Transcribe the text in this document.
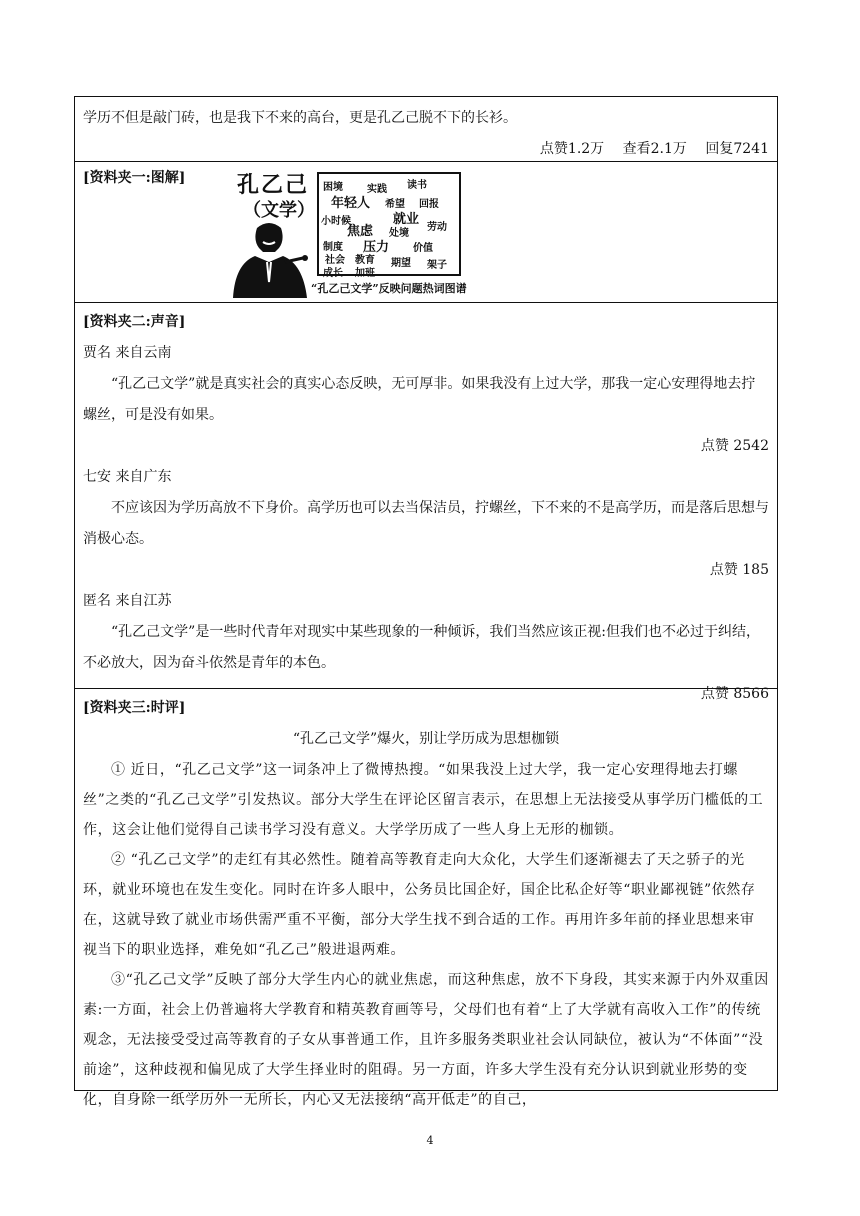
学历不但是敲门砖，也是我下不来的高台，更是孔乙己脱不下的长衫。
点赞1.2万 查看2.1万 回复7241
[资料夹一:图解] 孔乙己
（文学）
困境 实践 读书
年轻人 希望 回报
小时候
焦虑
就业
劳动
处境
制度 压力 价值
社会 教育
成长 加班
期望 架子
“孔乙己文学”反映问题热词图谱
[资料夹二:声音]
贾名 来自云南
“孔乙己文学”就是真实社会的真实心态反映，无可厚非。如果我没有上过大学，那我一定心安理得地去拧螺丝，可是没有如果。
点赞 2542
七安 来自广东
不应该因为学历高放不下身价。高学历也可以去当保洁员，拧螺丝，下不来的不是高学历，而是落后思想与消极心态。
点赞 185
匿名 来自江苏
“孔乙己文学”是一些时代青年对现实中某些现象的一种倾诉，我们当然应该正视:但我们也不必过于纠结，不必放大，因为奋斗依然是青年的本色。
点赞 8566
[资料夹三:时评]
“孔乙己文学”爆火，别让学历成为思想枷锁

① 近日，“孔乙己文学”这一词条冲上了微博热搜。“如果我没上过大学，我一定心安理得地去打螺丝”之类的“孔乙己文学”引发热议。部分大学生在评论区留言表示，在思想上无法接受从事学历门槛低的工作，这会让他们觉得自己读书学习没有意义。大学学历成了一些人身上无形的枷锁。

② “孔乙己文学”的走红有其必然性。随着高等教育走向大众化，大学生们逐渐褪去了天之骄子的光环，就业环境也在发生变化。同时在许多人眼中，公务员比国企好，国企比私企好等“职业鄙视链”依然存在，这就导致了就业市场供需严重不平衡，部分大学生找不到合适的工作。再用许多年前的择业思想来审视当下的职业选择，难免如“孔乙己”般进退两难。

③“孔乙己文学”反映了部分大学生内心的就业焦虑，而这种焦虑，放不下身段，其实来源于内外双重因素:一方面，社会上仍普遍将大学教育和精英教育画等号，父母们也有着“上了大学就有高收入工作”的传统观念，无法接受受过高等教育的子女从事普通工作，且许多服务类职业社会认同缺位，被认为“不体面”“没前途”，这种歧视和偏见成了大学生择业时的阻碍。另一方面，许多大学生没有充分认识到就业形势的变化，自身除一纸学历外一无所长，内心又无法接纳“高开低走”的自己，

4
